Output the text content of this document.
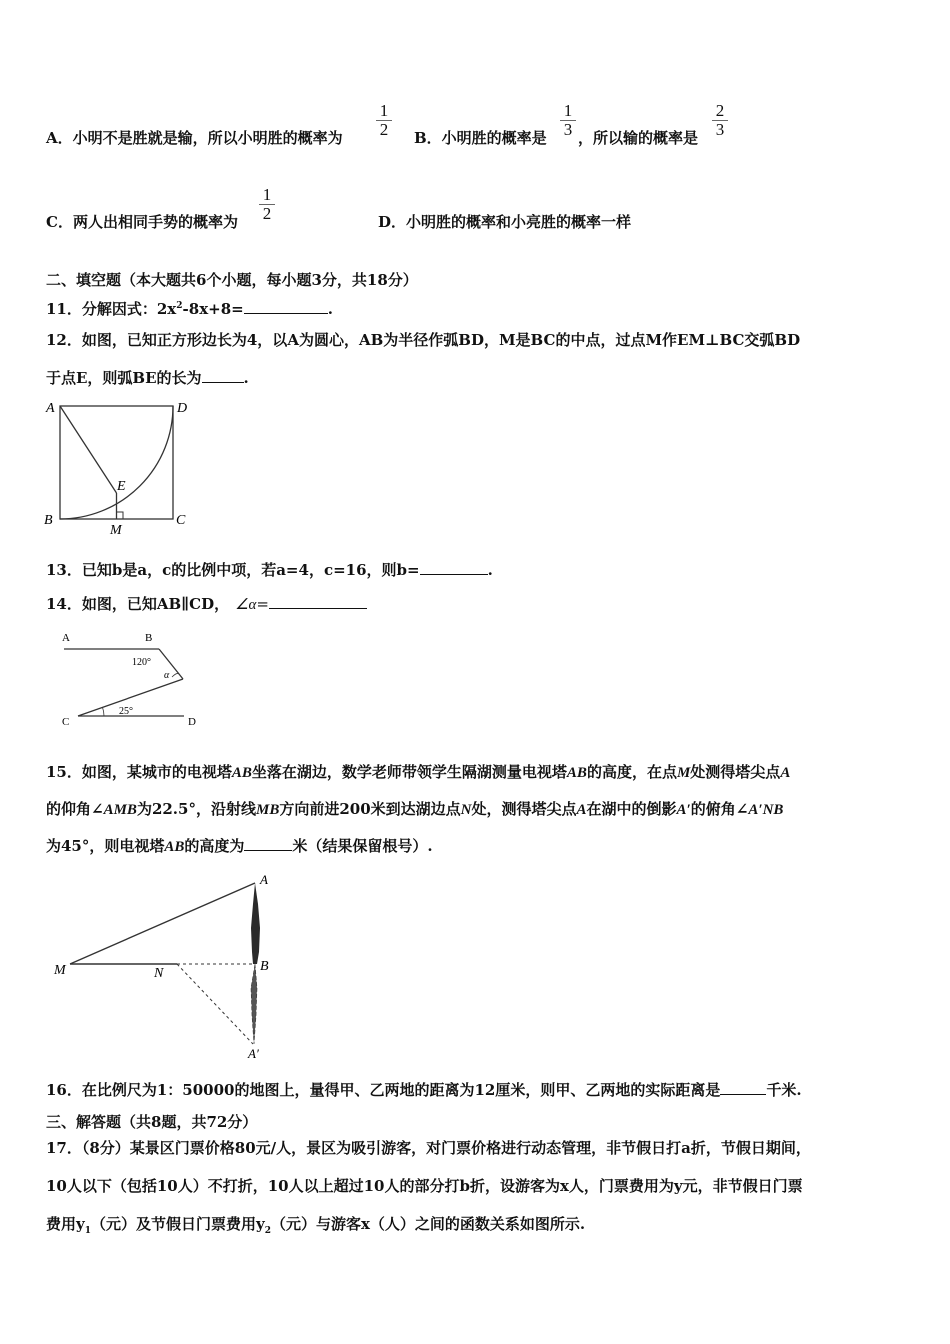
A．小明不是胜就是输，所以小明胜的概率为 $\frac{1}{2}$ B．小明胜的概率是 $\frac{1}{3}$ ，所以输的概率是 $\frac{2}{3}$
C．两人出相同手势的概率为 $\frac{1}{2}$	D．小明胜的概率和小亮胜的概率一样
二、填空题（本大题共6个小题，每小题3分，共18分）
11．分解因式：$2x^2-8x+8=$	.
12．如图，已知正方形边长为4，以A为圆心，AB为半径作弧BD，M是BC的中点，过点M作EM⊥BC交弧BD
于点E，则弧BE的长为	.
A	D
E
B
M
C
13．已知b是a，c的比例中项，若a=4，c=16，则b=	.
14．如图，已知AB∥CD， ∠α=
A	B
120°
α
25°
C	D
15．如图，某城市的电视塔AB坐落在湖边，数学老师带领学生隔湖测量电视塔AB的高度，在点M处测得塔尖点A
的仰角∠AMB为22.5°，沿射线MB方向前进200米到达湖边点N处，测得塔尖点A在湖中的倒影A′的俯角∠A′NB
为45°，则电视塔AB的高度为	米（结果保留根号）.
A
M	N	B
A′
16．在比例尺为1：50000的地图上，量得甲、乙两地的距离为12厘米，则甲、乙两地的实际距离是	千米.
三、解答题（共8题，共72分）
17．（8分）某景区门票价格80元/人，景区为吸引游客，对门票价格进行动态管理，非节假日打a折，节假日期间，
10人以下（包括10人）不打折，10人以上超过10人的部分打b折，设游客为x人，门票费用为y元，非节假日门票
费用$y_1$（元）及节假日门票费用$y_2$（元）与游客x（人）之间的函数关系如图所示.
